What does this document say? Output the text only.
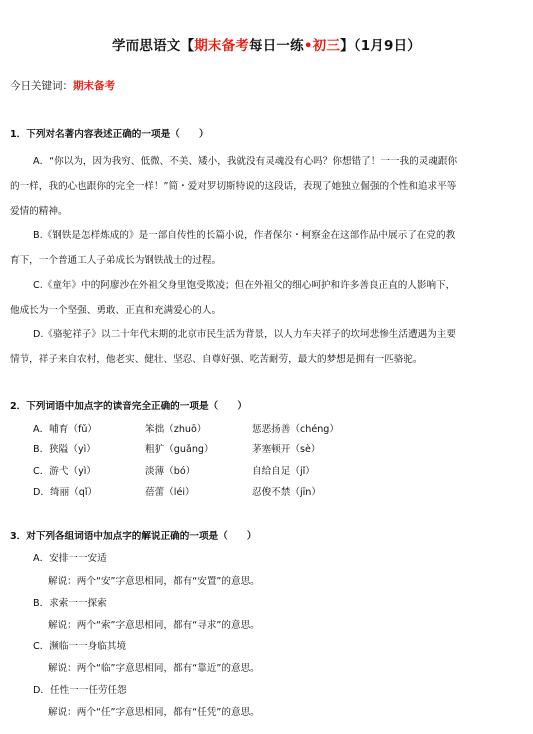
学而思语文【期末备考每日一练•初三】（1月9日）
今日关键词：期末备考
1．下列对名著内容表述正确的一项是（　　）
A．“你以为，因为我穷、低微、不美、矮小，我就没有灵魂没有心吗？你想错了！一一我的灵魂跟你
的一样，我的心也跟你的完全一样！”简・爱对罗切斯特说的这段话，表现了她独立倔强的个性和追求平等
爱情的精神。
B.《钢铁是怎样炼成的》是一部自传性的长篇小说，作者保尔・柯察金在这部作品中展示了在党的教
育下，一个普通工人子弟成长为钢铁战士的过程。
C.《童年》中的阿廖沙在外祖父身里饱受欺凌；但在外祖父的细心呵护和许多善良正直的人影响下，
他成长为一个坚强、勇敢、正直和充满爱心的人。
D.《骆驼祥子》以二十年代末期的北京市民生活为背景，以人力车夫祥子的坎坷悲惨生活遭遇为主要
情节，祥子来自农村，他老实、健壮、坚忍、自尊好强、吃苦耐劳，最大的梦想是拥有一匹骆驼。
2．下列词语中加点字的读音完全正确的一项是（　　）
A．哺育（fǔ）	笨拙（zhuō）	惩恶扬善（chéng）
B．狭隘（yì）	粗犷（guǎng）	茅塞顿开（sè）
C．游弋（yì）	淡薄（bó）	自给自足（jǐ）
D．绮丽（qǐ）	蓓蕾（léi）	忍俊不禁（jīn）
3．对下列各组词语中加点字的解说正确的一项是（　　）
A．安排一一安适
解说：两个“安”字意思相同，都有“安置”的意思。
B．求索一一探索
解说：两个“索”字意思相同，都有“寻求”的意思。
C．濒临一一身临其境
解说：两个“临”字意思相同，都有“靠近”的意思。
D．任性一一任劳任怨
解说：两个“任”字意思相同，都有“任凭”的意思。
